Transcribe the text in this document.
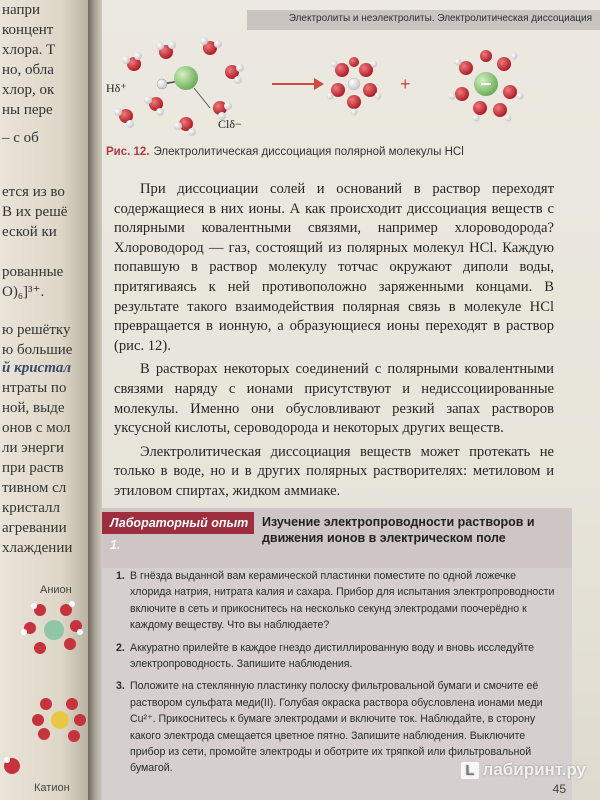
напри
концент
хлора. Т
но, обла
хлор, ок
ны пере
– с об
ется из во
В их решё
еской ки
рованные
O)₆]³⁺.
ю решётку
ю большие
й кристал
нтраты по
ной, выде
онов с мол
ли энерги
при раств
тивном сл
кристалл
агревании
хлаждении
Анион
Катион
Электролиты и неэлектролиты. Электролитическая диссоциация
Hδ⁺
Clδ−
+
Рис. 12. Электролитическая диссоциация полярной молекулы HCl

При диссоциации солей и оснований в раствор переходят содержащиеся в них ионы. А как происходит диссоциация веществ с полярными ковалентными связями, например хлороводорода? Хлороводород — газ, состоящий из полярных молекул HCl. Каждую попавшую в раствор молекулу тотчас окружают диполи воды, притягиваясь к ней противоположно заряженными концами. В результате такого взаимодействия полярная связь в молекуле HCl превращается в ионную, а образующиеся ионы переходят в раствор (рис. 12).

В растворах некоторых соединений с полярными ковалентными связями наряду с ионами присутствуют и недиссоциированные молекулы. Именно они обусловливают резкий запах растворов уксусной кислоты, сероводорода и некоторых других веществ.

Электролитическая диссоциация веществ может протекать не только в воде, но и в других полярных растворителях: метиловом и этиловом спиртах, жидком аммиаке.

Лабораторный опыт 1.
Изучение электропроводности растворов и движения ионов в электрическом поле
1. В гнёзда выданной вам керамической пластинки поместите по одной ложечке хлорида натрия, нитрата калия и сахара. Прибор для испытания электропроводности включите в сеть и прикоснитесь на несколько секунд электродами поочерёдно к каждому веществу. Что вы наблюдаете?
2. Аккуратно прилейте в каждое гнездо дистиллированную воду и вновь исследуйте электропроводность. Запишите наблюдения.
3. Положите на стеклянную пластинку полоску фильтровальной бумаги и смочите её раствором сульфата меди(II). Голубая окраска раствора обусловлена ионами меди Cu²⁺. Прикоснитесь к бумаге электродами и включите ток. Наблюдайте, в сторону какого электрода смещается цветное пятно. Запишите наблюдения. Выключите прибор из сети, промойте электроды и оботрите их тряпкой или фильтровальной бумагой.	L лабиринт.ру
45
